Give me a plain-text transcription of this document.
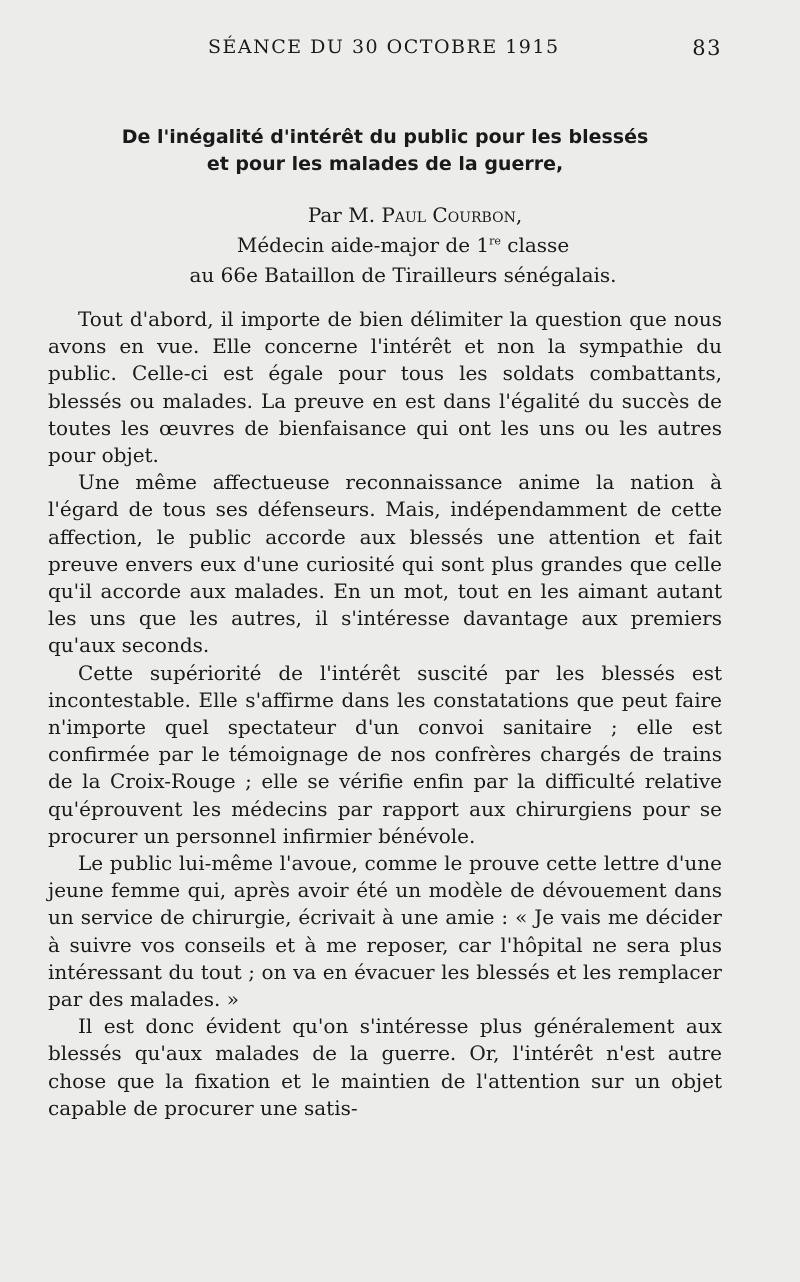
SÉANCE DU 30 OCTOBRE 1915	83
De l'inégalité d'intérêt du public pour les blessés
et pour les malades de la guerre,
Par M. Paul Courbon,
Médecin aide-major de 1re classe
au 66e Bataillon de Tirailleurs sénégalais.

Tout d'abord, il importe de bien délimiter la question que nous avons en vue. Elle concerne l'intérêt et non la sympathie du public. Celle-ci est égale pour tous les soldats combattants, blessés ou malades. La preuve en est dans l'égalité du succès de toutes les œuvres de bienfaisance qui ont les uns ou les autres pour objet.

Une même affectueuse reconnaissance anime la nation à l'égard de tous ses défenseurs. Mais, indépendamment de cette affection, le public accorde aux blessés une attention et fait preuve envers eux d'une curiosité qui sont plus grandes que celle qu'il accorde aux malades. En un mot, tout en les aimant autant les uns que les autres, il s'intéresse davantage aux premiers qu'aux seconds.

Cette supériorité de l'intérêt suscité par les blessés est incontestable. Elle s'affirme dans les constatations que peut faire n'importe quel spectateur d'un convoi sanitaire ; elle est confirmée par le témoignage de nos confrères chargés de trains de la Croix-Rouge ; elle se vérifie enfin par la difficulté relative qu'éprouvent les médecins par rapport aux chirurgiens pour se procurer un personnel infirmier bénévole.

Le public lui-même l'avoue, comme le prouve cette lettre d'une jeune femme qui, après avoir été un modèle de dévouement dans un service de chirurgie, écrivait à une amie : « Je vais me décider à suivre vos conseils et à me reposer, car l'hôpital ne sera plus intéressant du tout ; on va en évacuer les blessés et les remplacer par des malades. »

Il est donc évident qu'on s'intéresse plus généralement aux blessés qu'aux malades de la guerre. Or, l'intérêt n'est autre chose que la fixation et le maintien de l'attention sur un objet capable de procurer une satis-
